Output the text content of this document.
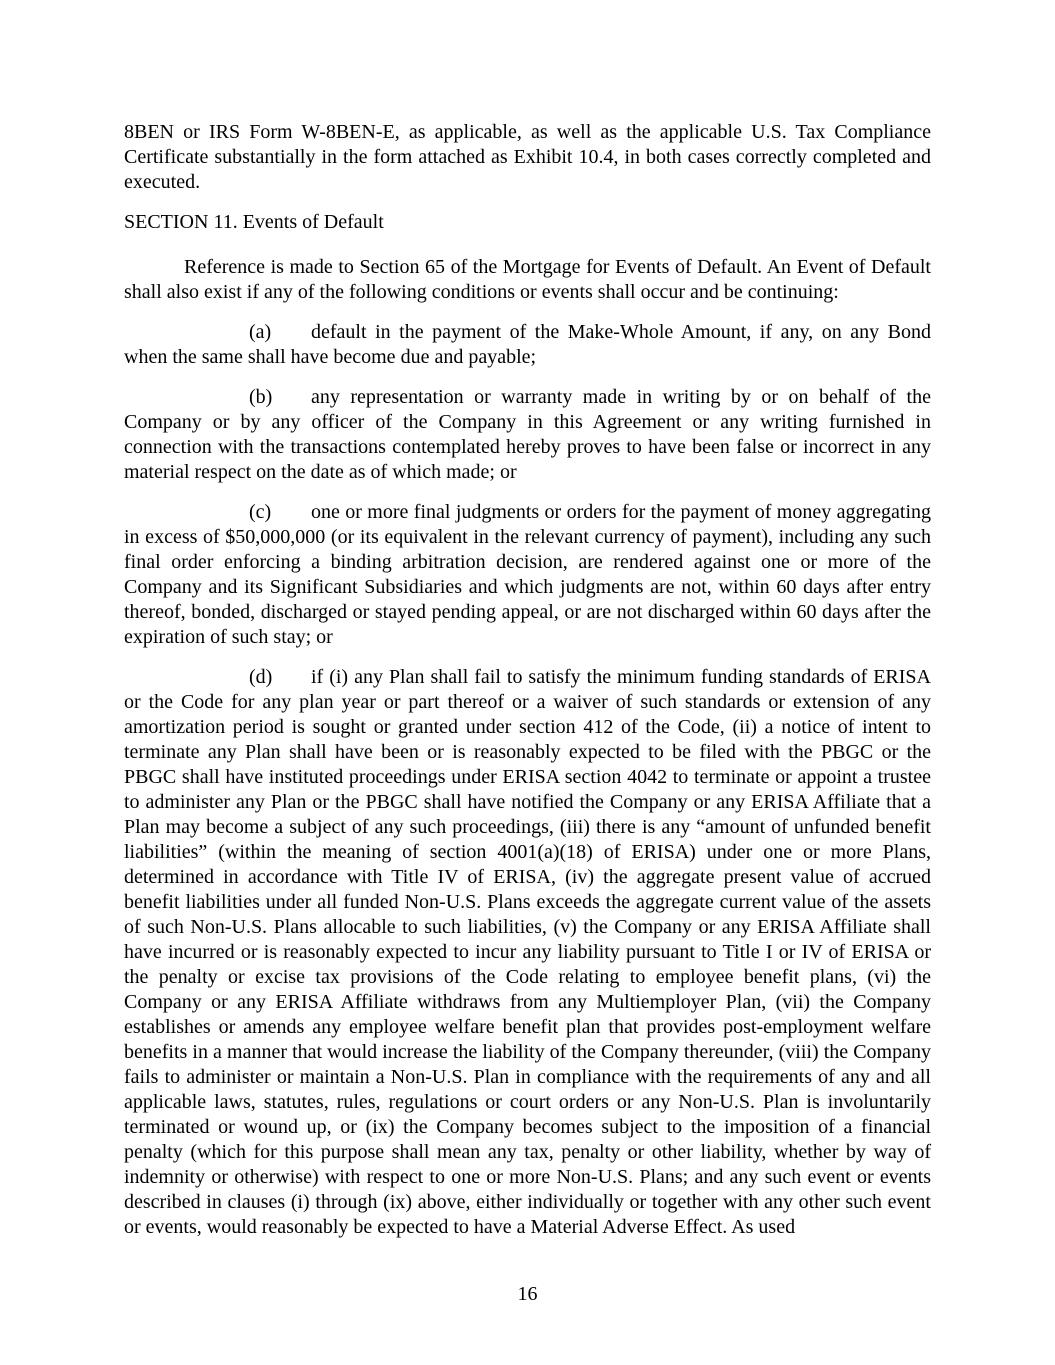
8BEN or IRS Form W-8BEN-E, as applicable, as well as the applicable U.S. Tax Compliance Certificate substantially in the form attached as Exhibit 10.4, in both cases correctly completed and executed.

SECTION 11. Events of Default

Reference is made to Section 65 of the Mortgage for Events of Default. An Event of Default shall also exist if any of the following conditions or events shall occur and be continuing:

(a) default in the payment of the Make-Whole Amount, if any, on any Bond when the same shall have become due and payable;

(b) any representation or warranty made in writing by or on behalf of the Company or by any officer of the Company in this Agreement or any writing furnished in connection with the transactions contemplated hereby proves to have been false or incorrect in any material respect on the date as of which made; or

(c) one or more final judgments or orders for the payment of money aggregating in excess of $50,000,000 (or its equivalent in the relevant currency of payment), including any such final order enforcing a binding arbitration decision, are rendered against one or more of the Company and its Significant Subsidiaries and which judgments are not, within 60 days after entry thereof, bonded, discharged or stayed pending appeal, or are not discharged within 60 days after the expiration of such stay; or

(d) if (i) any Plan shall fail to satisfy the minimum funding standards of ERISA or the Code for any plan year or part thereof or a waiver of such standards or extension of any amortization period is sought or granted under section 412 of the Code, (ii) a notice of intent to terminate any Plan shall have been or is reasonably expected to be filed with the PBGC or the PBGC shall have instituted proceedings under ERISA section 4042 to terminate or appoint a trustee to administer any Plan or the PBGC shall have notified the Company or any ERISA Affiliate that a Plan may become a subject of any such proceedings, (iii) there is any “amount of unfunded benefit liabilities” (within the meaning of section 4001(a)(18) of ERISA) under one or more Plans, determined in accordance with Title IV of ERISA, (iv) the aggregate present value of accrued benefit liabilities under all funded Non-U.S. Plans exceeds the aggregate current value of the assets of such Non-U.S. Plans allocable to such liabilities, (v) the Company or any ERISA Affiliate shall have incurred or is reasonably expected to incur any liability pursuant to Title I or IV of ERISA or the penalty or excise tax provisions of the Code relating to employee benefit plans, (vi) the Company or any ERISA Affiliate withdraws from any Multiemployer Plan, (vii) the Company establishes or amends any employee welfare benefit plan that provides post-employment welfare benefits in a manner that would increase the liability of the Company thereunder, (viii) the Company fails to administer or maintain a Non-U.S. Plan in compliance with the requirements of any and all applicable laws, statutes, rules, regulations or court orders or any Non-U.S. Plan is involuntarily terminated or wound up, or (ix) the Company becomes subject to the imposition of a financial penalty (which for this purpose shall mean any tax, penalty or other liability, whether by way of indemnity or otherwise) with respect to one or more Non-U.S. Plans; and any such event or events described in clauses (i) through (ix) above, either individually or together with any other such event or events, would reasonably be expected to have a Material Adverse Effect. As used

16
